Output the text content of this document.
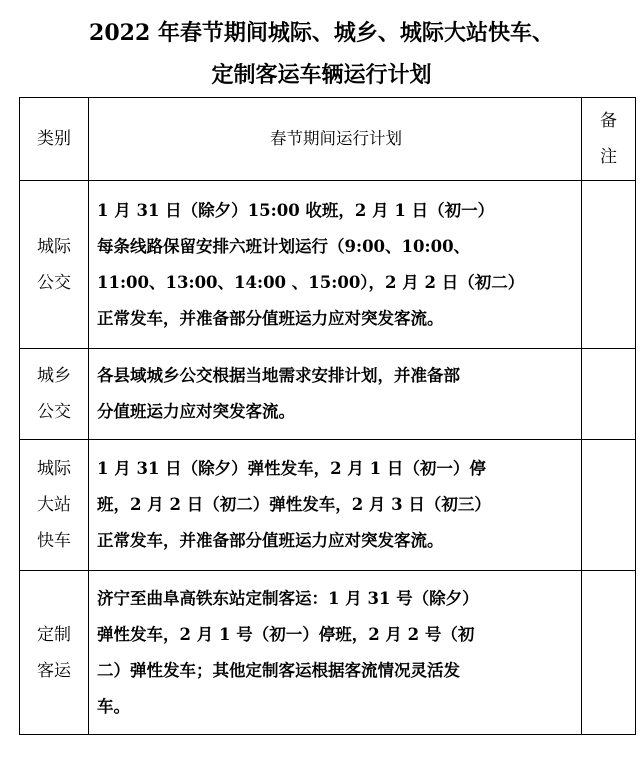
2022 年春节期间城际、城乡、城际大站快车、
定制客运车辆运行计划
类别	春节期间运行计划	备
注

城际
公交	1 月 31 日（除夕）15:00 收班，2 月 1 日（初一）
每条线路保留安排六班计划运行（9:00、10:00、
11:00、13:00、14:00 、15:00），2 月 2 日（初二）
正常发车，并准备部分值班运力应对突发客流。	

城乡
公交	各县域城乡公交根据当地需求安排计划，并准备部
分值班运力应对突发客流。	

城际
大站
快车	1 月 31 日（除夕）弹性发车，2 月 1 日（初一）停
班，2 月 2 日（初二）弹性发车，2 月 3 日（初三）
正常发车，并准备部分值班运力应对突发客流。	

定制
客运	济宁至曲阜高铁东站定制客运：1 月 31 号（除夕）
弹性发车，2 月 1 号（初一）停班，2 月 2 号（初
二）弹性发车；其他定制客运根据客流情况灵活发
车。	
